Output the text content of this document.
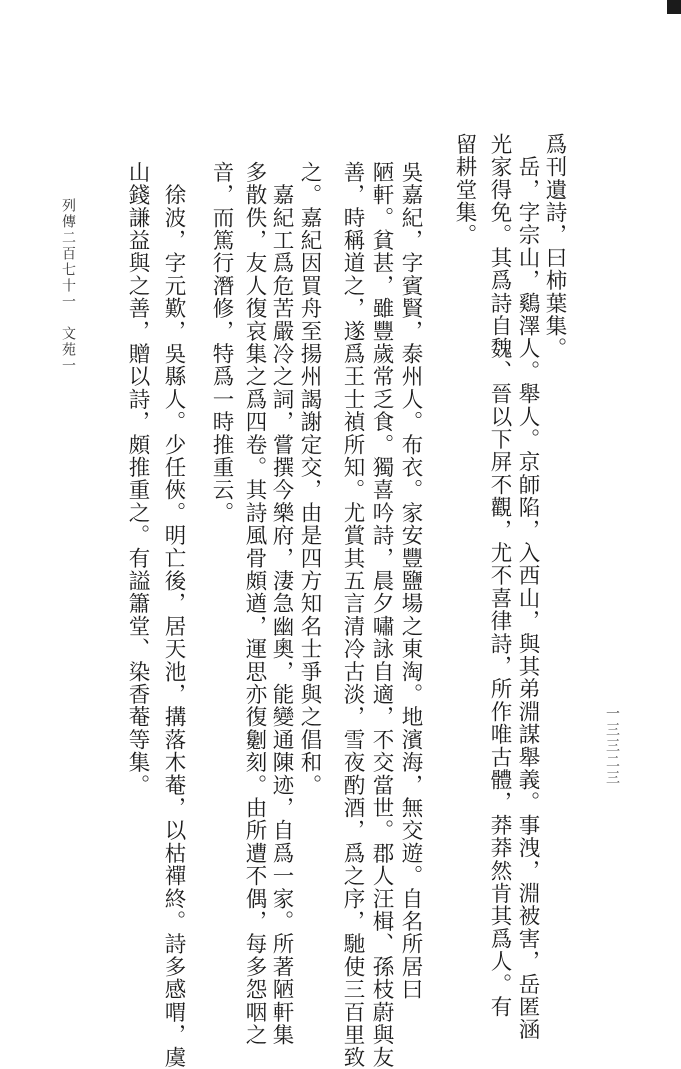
爲刊遺詩，曰柿葉集。
　岳，字宗山，鷄澤人。舉人。京師陷，入西山，與其弟淵謀舉義。事洩，淵被害，岳匿涵
光家得免。其爲詩自魏、晉以下屏不觀，尤不喜律詩，所作唯古體，莽莽然肯其爲人。有
留耕堂集。
吳嘉紀，字賓賢，泰州人。布衣。家安豐鹽場之東淘。地濱海，無交遊。自名所居曰
陋軒。貧甚，雖豐歲常乏食。獨喜吟詩，晨夕嘯詠自適，不交當世。郡人汪楫、孫枝蔚與友
善，時稱道之，遂爲王士禎所知。尤賞其五言清冷古淡，雪夜酌酒，爲之序，馳使三百里致
之。嘉紀因買舟至揚州謁謝定交，由是四方知名士爭與之倡和。
　嘉紀工爲危苦嚴冷之詞，嘗撰今樂府，淒急幽奧，能變通陳迹，自爲一家。所著陋軒集
多散佚，友人復哀集之爲四卷。其詩風骨頗遒，運思亦復劖刻。由所遭不偶，每多怨咽之
音，而篤行潛修，特爲一時推重云。
　徐波，字元歎，吳縣人。少任俠。明亡後，居天池，搆落木菴，以枯禪終。詩多感喟，虞
山錢謙益與之善，贈以詩，頗推重之。有謚簫堂、染香菴等集。
列傳二百七十一　文苑一
一三三二三
